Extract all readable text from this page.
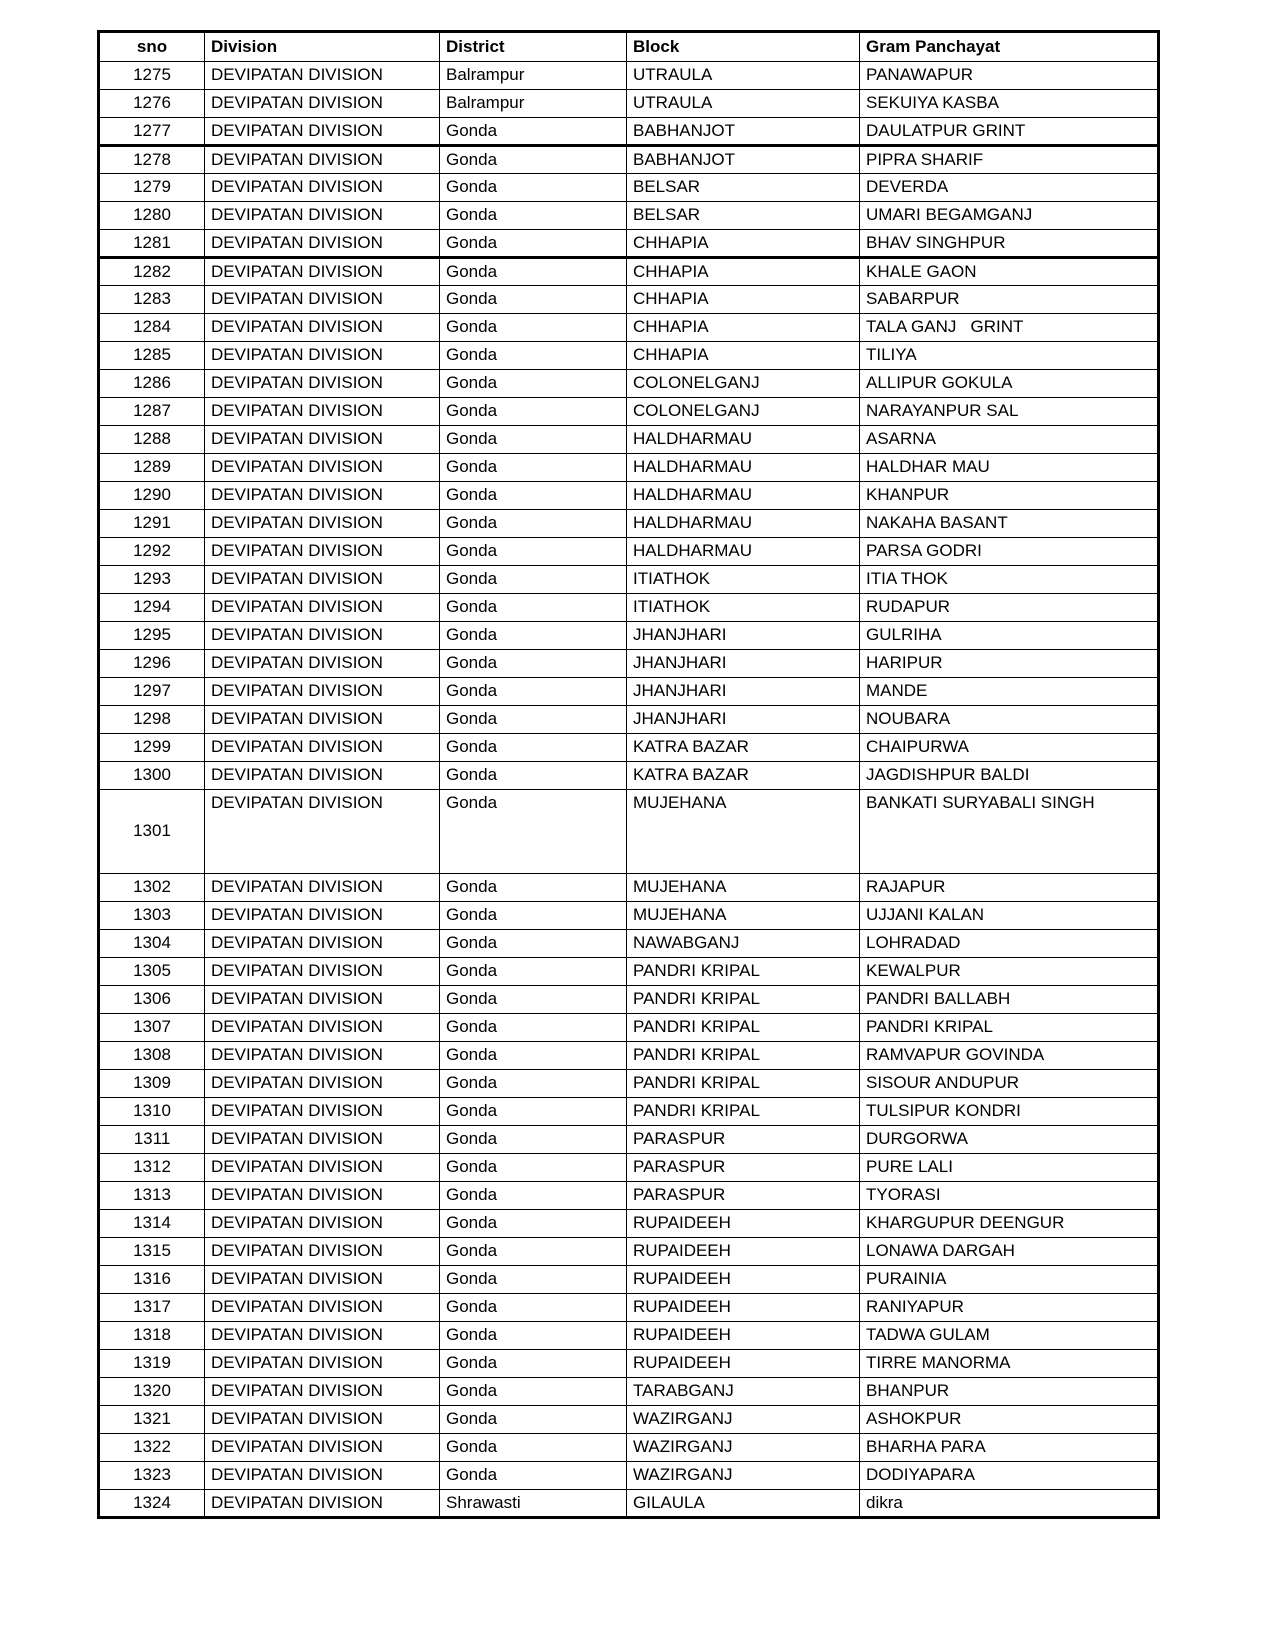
sno	Division	District	Block	Gram Panchayat
1275	DEVIPATAN DIVISION	Balrampur	UTRAULA	PANAWAPUR
1276	DEVIPATAN DIVISION	Balrampur	UTRAULA	SEKUIYA KASBA
1277	DEVIPATAN DIVISION	Gonda	BABHANJOT	DAULATPUR GRINT
1278	DEVIPATAN DIVISION	Gonda	BABHANJOT	PIPRA SHARIF
1279	DEVIPATAN DIVISION	Gonda	BELSAR	DEVERDA
1280	DEVIPATAN DIVISION	Gonda	BELSAR	UMARI BEGAMGANJ
1281	DEVIPATAN DIVISION	Gonda	CHHAPIA	BHAV SINGHPUR
1282	DEVIPATAN DIVISION	Gonda	CHHAPIA	KHALE GAON
1283	DEVIPATAN DIVISION	Gonda	CHHAPIA	SABARPUR
1284	DEVIPATAN DIVISION	Gonda	CHHAPIA	TALA GANJ   GRINT
1285	DEVIPATAN DIVISION	Gonda	CHHAPIA	TILIYA
1286	DEVIPATAN DIVISION	Gonda	COLONELGANJ	ALLIPUR GOKULA
1287	DEVIPATAN DIVISION	Gonda	COLONELGANJ	NARAYANPUR SAL
1288	DEVIPATAN DIVISION	Gonda	HALDHARMAU	ASARNA
1289	DEVIPATAN DIVISION	Gonda	HALDHARMAU	HALDHAR MAU
1290	DEVIPATAN DIVISION	Gonda	HALDHARMAU	KHANPUR
1291	DEVIPATAN DIVISION	Gonda	HALDHARMAU	NAKAHA BASANT
1292	DEVIPATAN DIVISION	Gonda	HALDHARMAU	PARSA GODRI
1293	DEVIPATAN DIVISION	Gonda	ITIATHOK	ITIA THOK
1294	DEVIPATAN DIVISION	Gonda	ITIATHOK	RUDAPUR
1295	DEVIPATAN DIVISION	Gonda	JHANJHARI	GULRIHA
1296	DEVIPATAN DIVISION	Gonda	JHANJHARI	HARIPUR
1297	DEVIPATAN DIVISION	Gonda	JHANJHARI	MANDE
1298	DEVIPATAN DIVISION	Gonda	JHANJHARI	NOUBARA
1299	DEVIPATAN DIVISION	Gonda	KATRA BAZAR	CHAIPURWA
1300	DEVIPATAN DIVISION	Gonda	KATRA BAZAR	JAGDISHPUR BALDI
1301	DEVIPATAN DIVISION	Gonda	MUJEHANA	BANKATI SURYABALI SINGH
1302	DEVIPATAN DIVISION	Gonda	MUJEHANA	RAJAPUR
1303	DEVIPATAN DIVISION	Gonda	MUJEHANA	UJJANI KALAN
1304	DEVIPATAN DIVISION	Gonda	NAWABGANJ	LOHRADAD
1305	DEVIPATAN DIVISION	Gonda	PANDRI KRIPAL	KEWALPUR
1306	DEVIPATAN DIVISION	Gonda	PANDRI KRIPAL	PANDRI BALLABH
1307	DEVIPATAN DIVISION	Gonda	PANDRI KRIPAL	PANDRI KRIPAL
1308	DEVIPATAN DIVISION	Gonda	PANDRI KRIPAL	RAMVAPUR GOVINDA
1309	DEVIPATAN DIVISION	Gonda	PANDRI KRIPAL	SISOUR ANDUPUR
1310	DEVIPATAN DIVISION	Gonda	PANDRI KRIPAL	TULSIPUR KONDRI
1311	DEVIPATAN DIVISION	Gonda	PARASPUR	DURGORWA
1312	DEVIPATAN DIVISION	Gonda	PARASPUR	PURE LALI
1313	DEVIPATAN DIVISION	Gonda	PARASPUR	TYORASI
1314	DEVIPATAN DIVISION	Gonda	RUPAIDEEH	KHARGUPUR DEENGUR
1315	DEVIPATAN DIVISION	Gonda	RUPAIDEEH	LONAWA DARGAH
1316	DEVIPATAN DIVISION	Gonda	RUPAIDEEH	PURAINIA
1317	DEVIPATAN DIVISION	Gonda	RUPAIDEEH	RANIYAPUR
1318	DEVIPATAN DIVISION	Gonda	RUPAIDEEH	TADWA GULAM
1319	DEVIPATAN DIVISION	Gonda	RUPAIDEEH	TIRRE MANORMA
1320	DEVIPATAN DIVISION	Gonda	TARABGANJ	BHANPUR
1321	DEVIPATAN DIVISION	Gonda	WAZIRGANJ	ASHOKPUR
1322	DEVIPATAN DIVISION	Gonda	WAZIRGANJ	BHARHA PARA
1323	DEVIPATAN DIVISION	Gonda	WAZIRGANJ	DODIYAPARA
1324	DEVIPATAN DIVISION	Shrawasti	GILAULA	dikra
